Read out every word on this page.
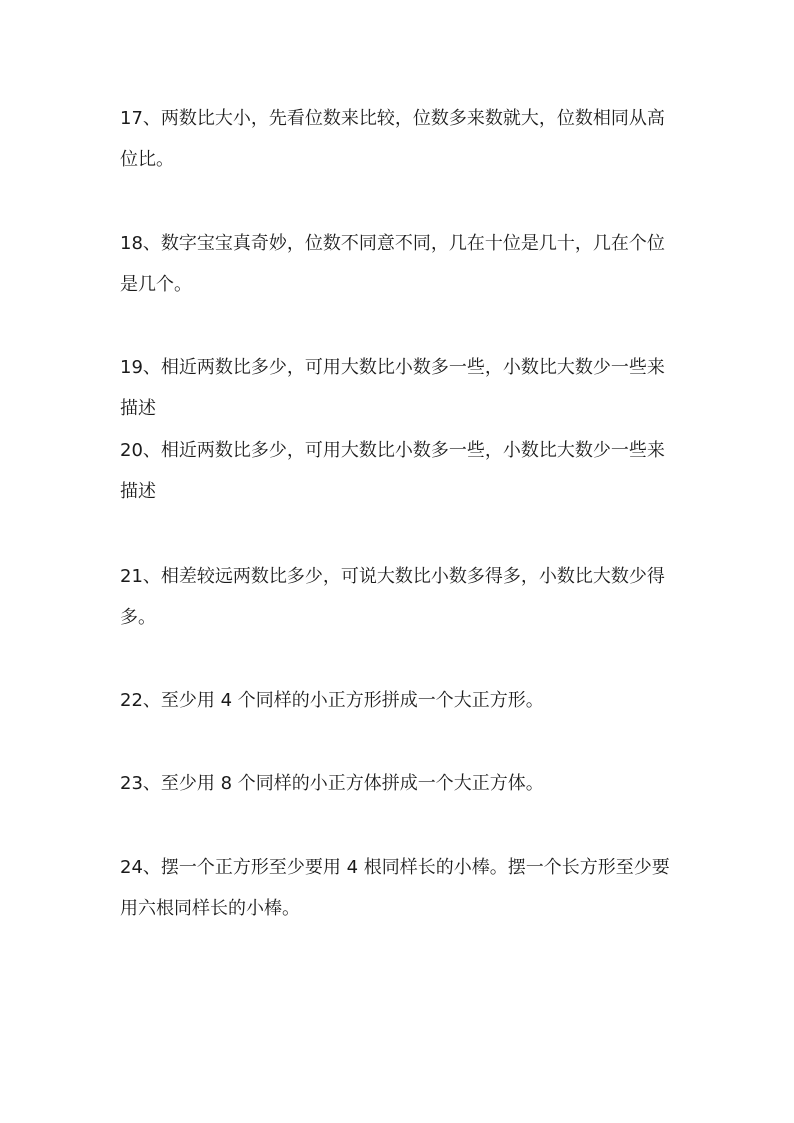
17、两数比大小，先看位数来比较，位数多来数就大，位数相同从高位比。

18、数字宝宝真奇妙，位数不同意不同，几在十位是几十，几在个位是几个。

19、相近两数比多少，可用大数比小数多一些，小数比大数少一些来描述

20、相近两数比多少，可用大数比小数多一些，小数比大数少一些来描述

21、相差较远两数比多少，可说大数比小数多得多，小数比大数少得多。

22、至少用 4 个同样的小正方形拼成一个大正方形。

23、至少用 8 个同样的小正方体拼成一个大正方体。

24、摆一个正方形至少要用 4 根同样长的小棒。摆一个长方形至少要用六根同样长的小棒。
